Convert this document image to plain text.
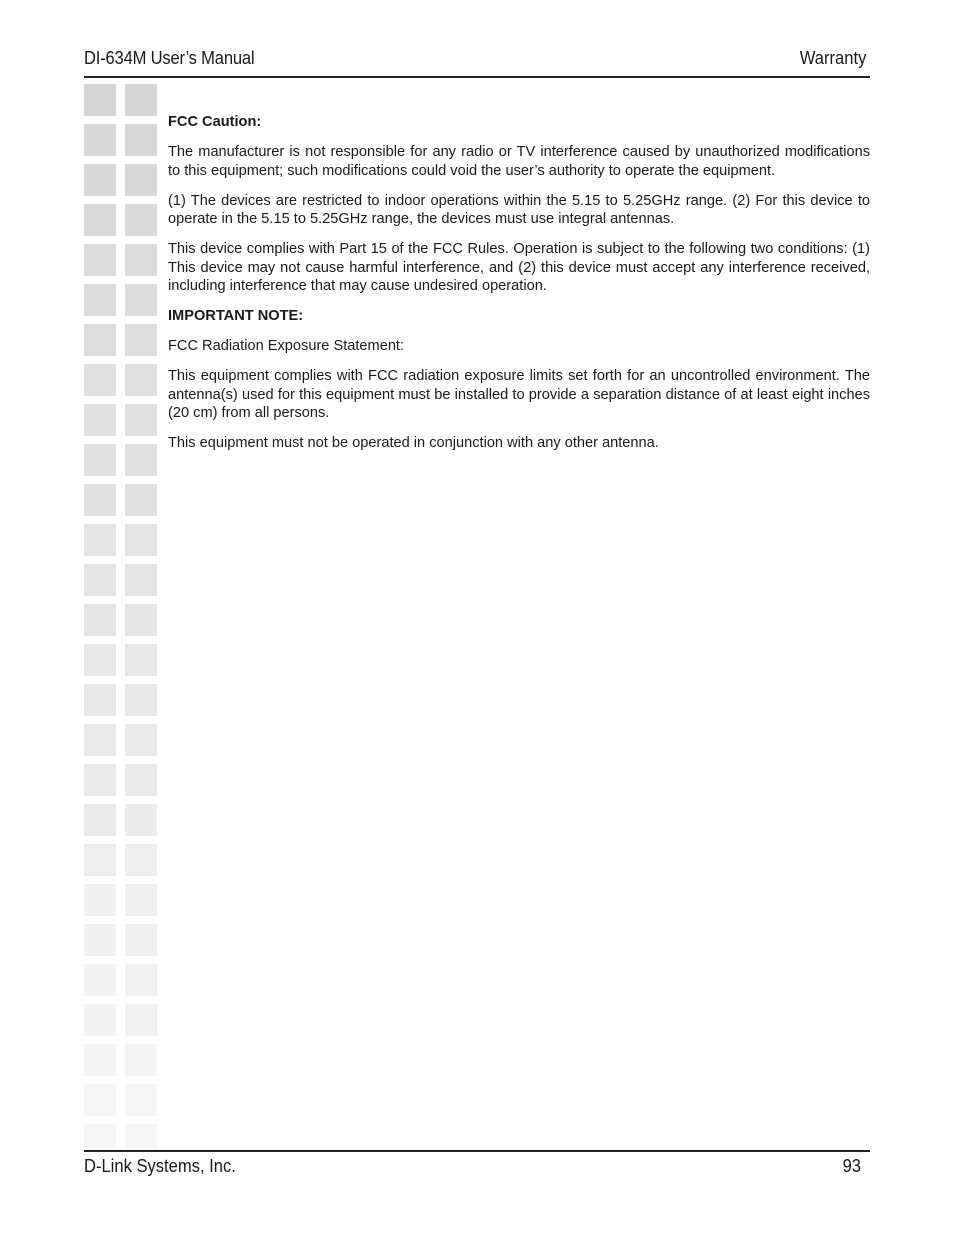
DI-634M User’s Manual	Warranty

FCC Caution:

The manufacturer is not responsible for any radio or TV interference caused by unauthorized modifications to this equipment; such modifications could void the user’s authority to operate the equipment.

(1) The devices are restricted to indoor operations within the 5.15 to 5.25GHz range. (2) For this device to operate in the 5.15 to 5.25GHz range, the devices must use integral antennas.

This device complies with Part 15 of the FCC Rules. Operation is subject to the following two conditions: (1) This device may not cause harmful interference, and (2) this device must accept any interference received, including interference that may cause undesired operation.

IMPORTANT NOTE:

FCC Radiation Exposure Statement:

This equipment complies with FCC radiation exposure limits set forth for an uncontrolled environment. The antenna(s) used for this equipment must be installed to provide a separation distance of at least eight inches (20 cm) from all persons.

This equipment must not be operated in conjunction with any other antenna.

D-Link Systems, Inc.	93
